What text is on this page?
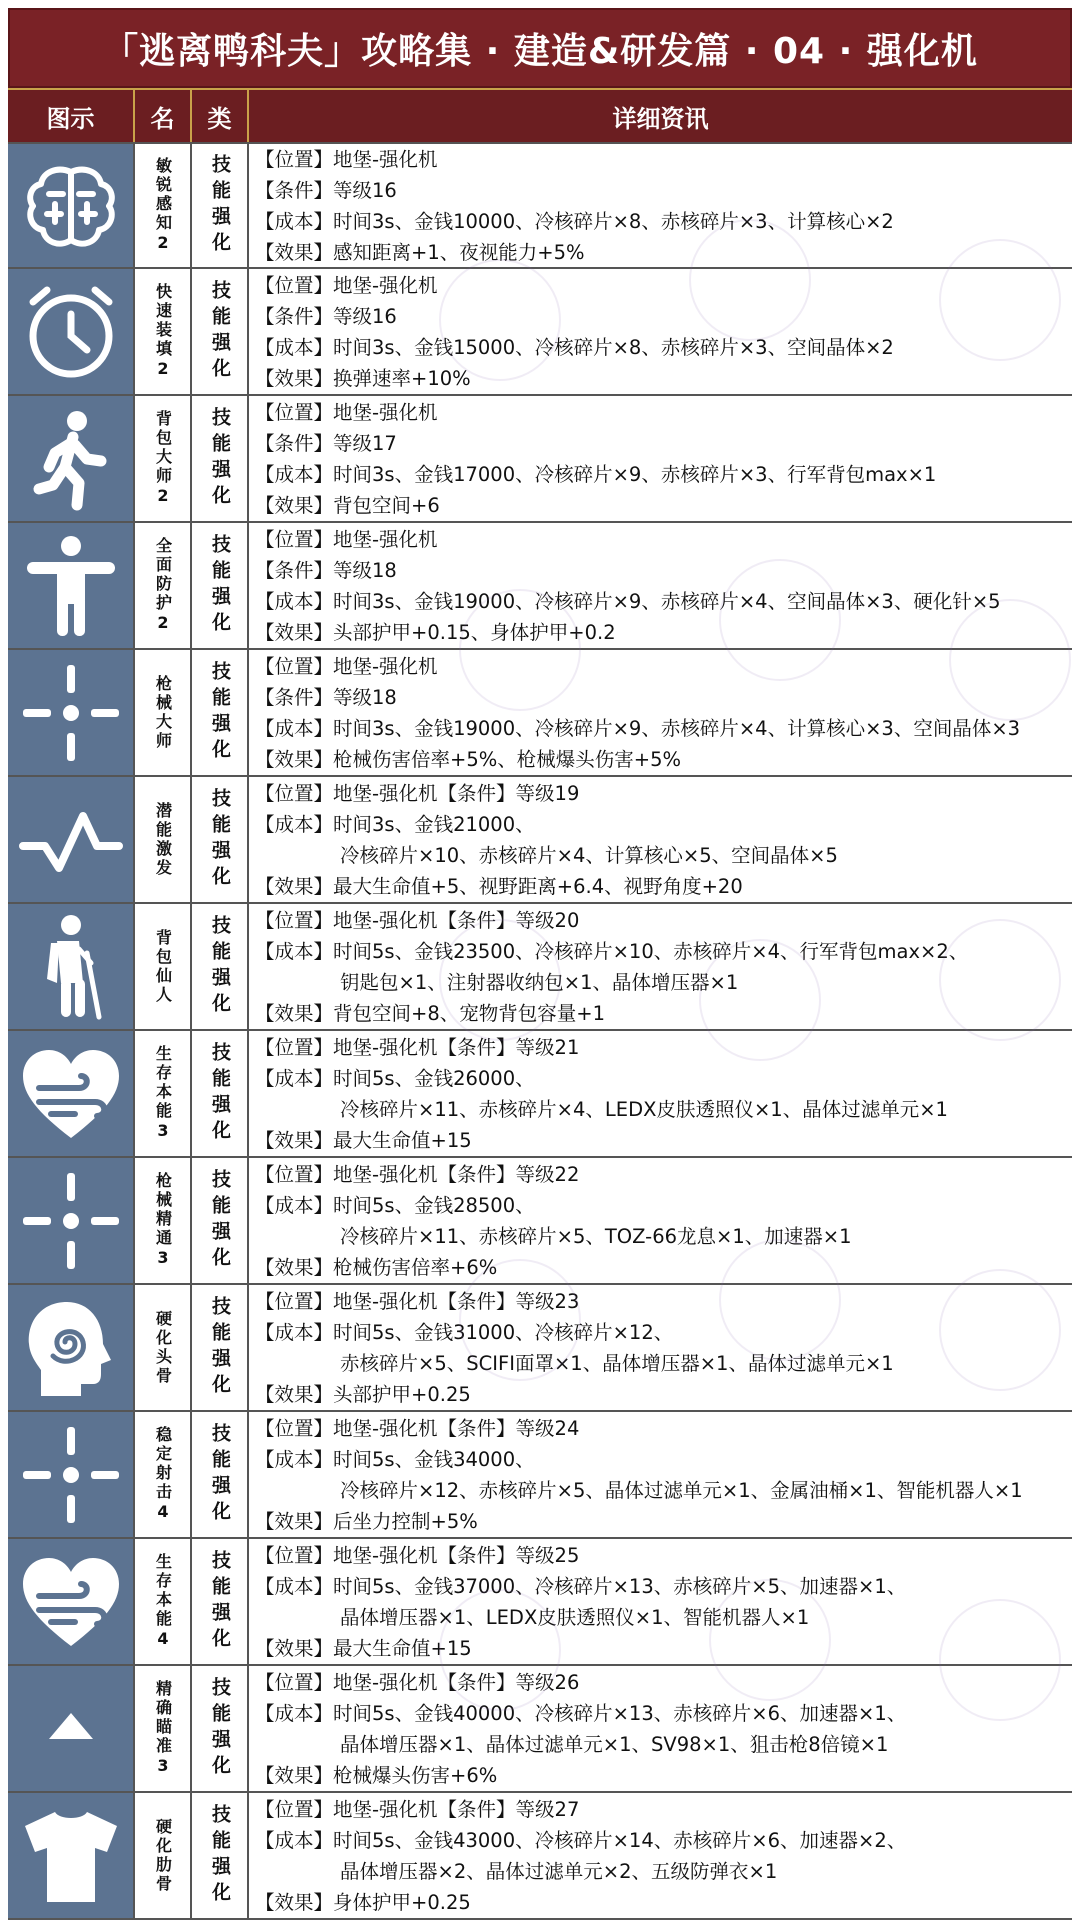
「逃离鸭科夫」攻略集 · 建造&研发篇 · 04 · 强化机
图示	名	类	详细资讯
敏锐感知2 技能强化 【位置】地堡-强化机
【条件】等级16
【成本】时间3s、金钱10000、冷核碎片×8、赤核碎片×3、计算核心×2
【效果】感知距离+1、夜视能力+5%
快速装填2 技能强化 【位置】地堡-强化机
【条件】等级16
【成本】时间3s、金钱15000、冷核碎片×8、赤核碎片×3、空间晶体×2
【效果】换弹速率+10%
背包大师2 技能强化 【位置】地堡-强化机
【条件】等级17
【成本】时间3s、金钱17000、冷核碎片×9、赤核碎片×3、行军背包max×1
【效果】背包空间+6
全面防护2 技能强化 【位置】地堡-强化机
【条件】等级18
【成本】时间3s、金钱19000、冷核碎片×9、赤核碎片×4、空间晶体×3、硬化针×5
【效果】头部护甲+0.15、身体护甲+0.2
枪械大师 技能强化 【位置】地堡-强化机
【条件】等级18
【成本】时间3s、金钱19000、冷核碎片×9、赤核碎片×4、计算核心×3、空间晶体×3
【效果】枪械伤害倍率+5%、枪械爆头伤害+5%
潜能激发 技能强化 【位置】地堡-强化机【条件】等级19
【成本】时间3s、金钱21000、
冷核碎片×10、赤核碎片×4、计算核心×5、空间晶体×5
【效果】最大生命值+5、视野距离+6.4、视野角度+20
背包仙人 技能强化 【位置】地堡-强化机【条件】等级20
【成本】时间5s、金钱23500、冷核碎片×10、赤核碎片×4、行军背包max×2、
钥匙包×1、注射器收纳包×1、晶体增压器×1
【效果】背包空间+8、宠物背包容量+1
生存本能3 技能强化 【位置】地堡-强化机【条件】等级21
【成本】时间5s、金钱26000、
冷核碎片×11、赤核碎片×4、LEDX皮肤透照仪×1、晶体过滤单元×1
【效果】最大生命值+15
枪械精通3 技能强化 【位置】地堡-强化机【条件】等级22
【成本】时间5s、金钱28500、
冷核碎片×11、赤核碎片×5、TOZ-66龙息×1、加速器×1
【效果】枪械伤害倍率+6%
硬化头骨 技能强化 【位置】地堡-强化机【条件】等级23
【成本】时间5s、金钱31000、冷核碎片×12、
赤核碎片×5、SCIFI面罩×1、晶体增压器×1、晶体过滤单元×1
【效果】头部护甲+0.25
稳定射击4 技能强化 【位置】地堡-强化机【条件】等级24
【成本】时间5s、金钱34000、
冷核碎片×12、赤核碎片×5、晶体过滤单元×1、金属油桶×1、智能机器人×1
【效果】后坐力控制+5%
生存本能4 技能强化 【位置】地堡-强化机【条件】等级25
【成本】时间5s、金钱37000、冷核碎片×13、赤核碎片×5、加速器×1、
晶体增压器×1、LEDX皮肤透照仪×1、智能机器人×1
【效果】最大生命值+15
精确瞄准3 技能强化 【位置】地堡-强化机【条件】等级26
【成本】时间5s、金钱40000、冷核碎片×13、赤核碎片×6、加速器×1、
晶体增压器×1、晶体过滤单元×1、SV98×1、狙击枪8倍镜×1
【效果】枪械爆头伤害+6%
硬化肋骨 技能强化 【位置】地堡-强化机【条件】等级27
【成本】时间5s、金钱43000、冷核碎片×14、赤核碎片×6、加速器×2、
晶体增压器×2、晶体过滤单元×2、五级防弹衣×1
【效果】身体护甲+0.25
